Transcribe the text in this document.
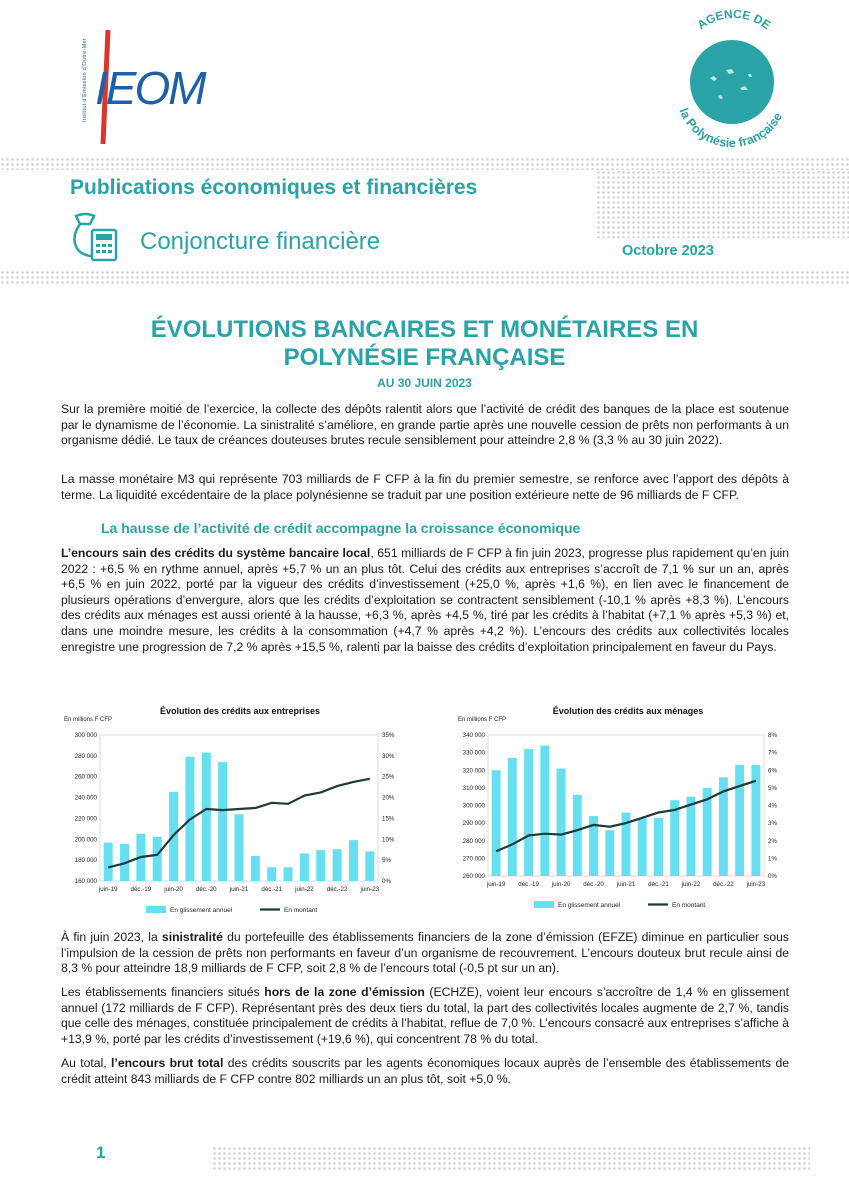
Institut d'Émission d'Outre-Mer IEOM
AGENCE DE
la Polynésie française
Publications économiques et financières
Conjoncture financière	Octobre 2023
ÉVOLUTIONS BANCAIRES ET MONÉTAIRES EN
POLYNÉSIE FRANÇAISE
AU 30 JUIN 2023

Sur la première moitié de l’exercice, la collecte des dépôts ralentit alors que l’activité de crédit des banques de la place est soutenue par le dynamisme de l’économie. La sinistralité s’améliore, en grande partie après une nouvelle cession de prêts non performants à un organisme dédié. Le taux de créances douteuses brutes recule sensiblement pour atteindre 2,8 % (3,3 % au 30 juin 2022).

La masse monétaire M3 qui représente 703 milliards de F CFP à la fin du premier semestre, se renforce avec l’apport des dépôts à terme. La liquidité excédentaire de la place polynésienne se traduit par une position extérieure nette de 96 milliards de F CFP.

La hausse de l’activité de crédit accompagne la croissance économique

L’encours sain des crédits du système bancaire local, 651 milliards de F CFP à fin juin 2023, progresse plus rapidement qu’en juin 2022 : +6,5 % en rythme annuel, après +5,7 % un an plus tôt. Celui des crédits aux entreprises s’accroît de 7,1 % sur un an, après +6,5 % en juin 2022, porté par la vigueur des crédits d’investissement (+25,0 %, après +1,6 %), en lien avec le financement de plusieurs opérations d’envergure, alors que les crédits d’exploitation se contractent sensiblement (-10,1 % après +8,3 %). L’encours des crédits aux ménages est aussi orienté à la hausse, +6,3 %, après +4,5 %, tiré par les crédits à l’habitat (+7,1 % après +5,3 %) et, dans une moindre mesure, les crédits à la consommation (+4,7 % après +4,2 %). L’encours des crédits aux collectivités locales enregistre une progression de 7,2 % après +15,5 %, ralenti par la baisse des crédits d’exploitation principalement en faveur du Pays.

Évolution des crédits aux entreprises
En millions F CFP
160 000
180 000
200 000
220 000
240 000
260 000
280 000
300 000
0%
5%
10%
15%
20%
25%
30%
35%
juin-19 déc.-19 juin-20 déc.-20 juin-21 déc.-21 juin-22 déc.-22 juin-23
En glissement annuel	En montant
Évolution des crédits aux ménages
En millions F CFP
260 000
270 000
280 000
290 000
300 000
310 000
320 000
330 000
340 000
0%
1%
2%
3%
4%
5%
6%
7%
8%
juin-19 déc.-19 juin-20 déc.-20 juin-21 déc.-21 juin-22 déc.-22 juin-23
En glissement annuel	En montant

À fin juin 2023, la sinistralité du portefeuille des établissements financiers de la zone d’émission (EFZE) diminue en particulier sous l’impulsion de la cession de prêts non performants en faveur d’un organisme de recouvrement. L’encours douteux brut recule ainsi de 8,3 % pour atteindre 18,9 milliards de F CFP, soit 2,8 % de l’encours total (-0,5 pt sur un an).

Les établissements financiers situés hors de la zone d’émission (ECHZE), voient leur encours s’accroître de 1,4 % en glissement annuel (172 milliards de F CFP). Représentant près des deux tiers du total, la part des collectivités locales augmente de 2,7 %, tandis que celle des ménages, constituée principalement de crédits à l’habitat, reflue de 7,0 %. L’encours consacré aux entreprises s’affiche à +13,9 %, porté par les crédits d’investissement (+19,6 %), qui concentrent 78 % du total.

Au total, l’encours brut total des crédits souscrits par les agents économiques locaux auprès de l’ensemble des établissements de crédit atteint 843 milliards de F CFP contre 802 milliards un an plus tôt, soit +5,0 %.

1
